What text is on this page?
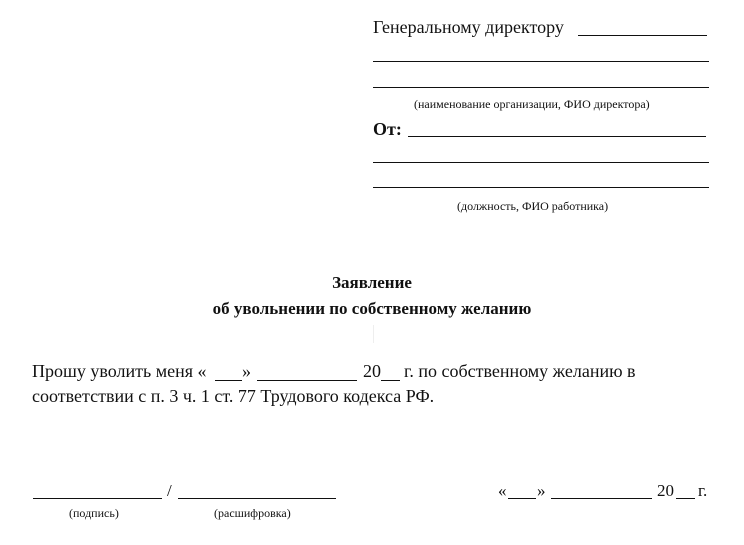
Генеральному директору
(наименование организации, ФИО директора)
От:
(должность, ФИО работника)
Заявление
об увольнении по собственному желанию
Прошу уволить меня « »	20 г. по собственному желанию в
соответствии с п. 3 ч. 1 ст. 77 Трудового кодекса РФ.
/
(подпись)	(расшифровка)
« »	20 г.
